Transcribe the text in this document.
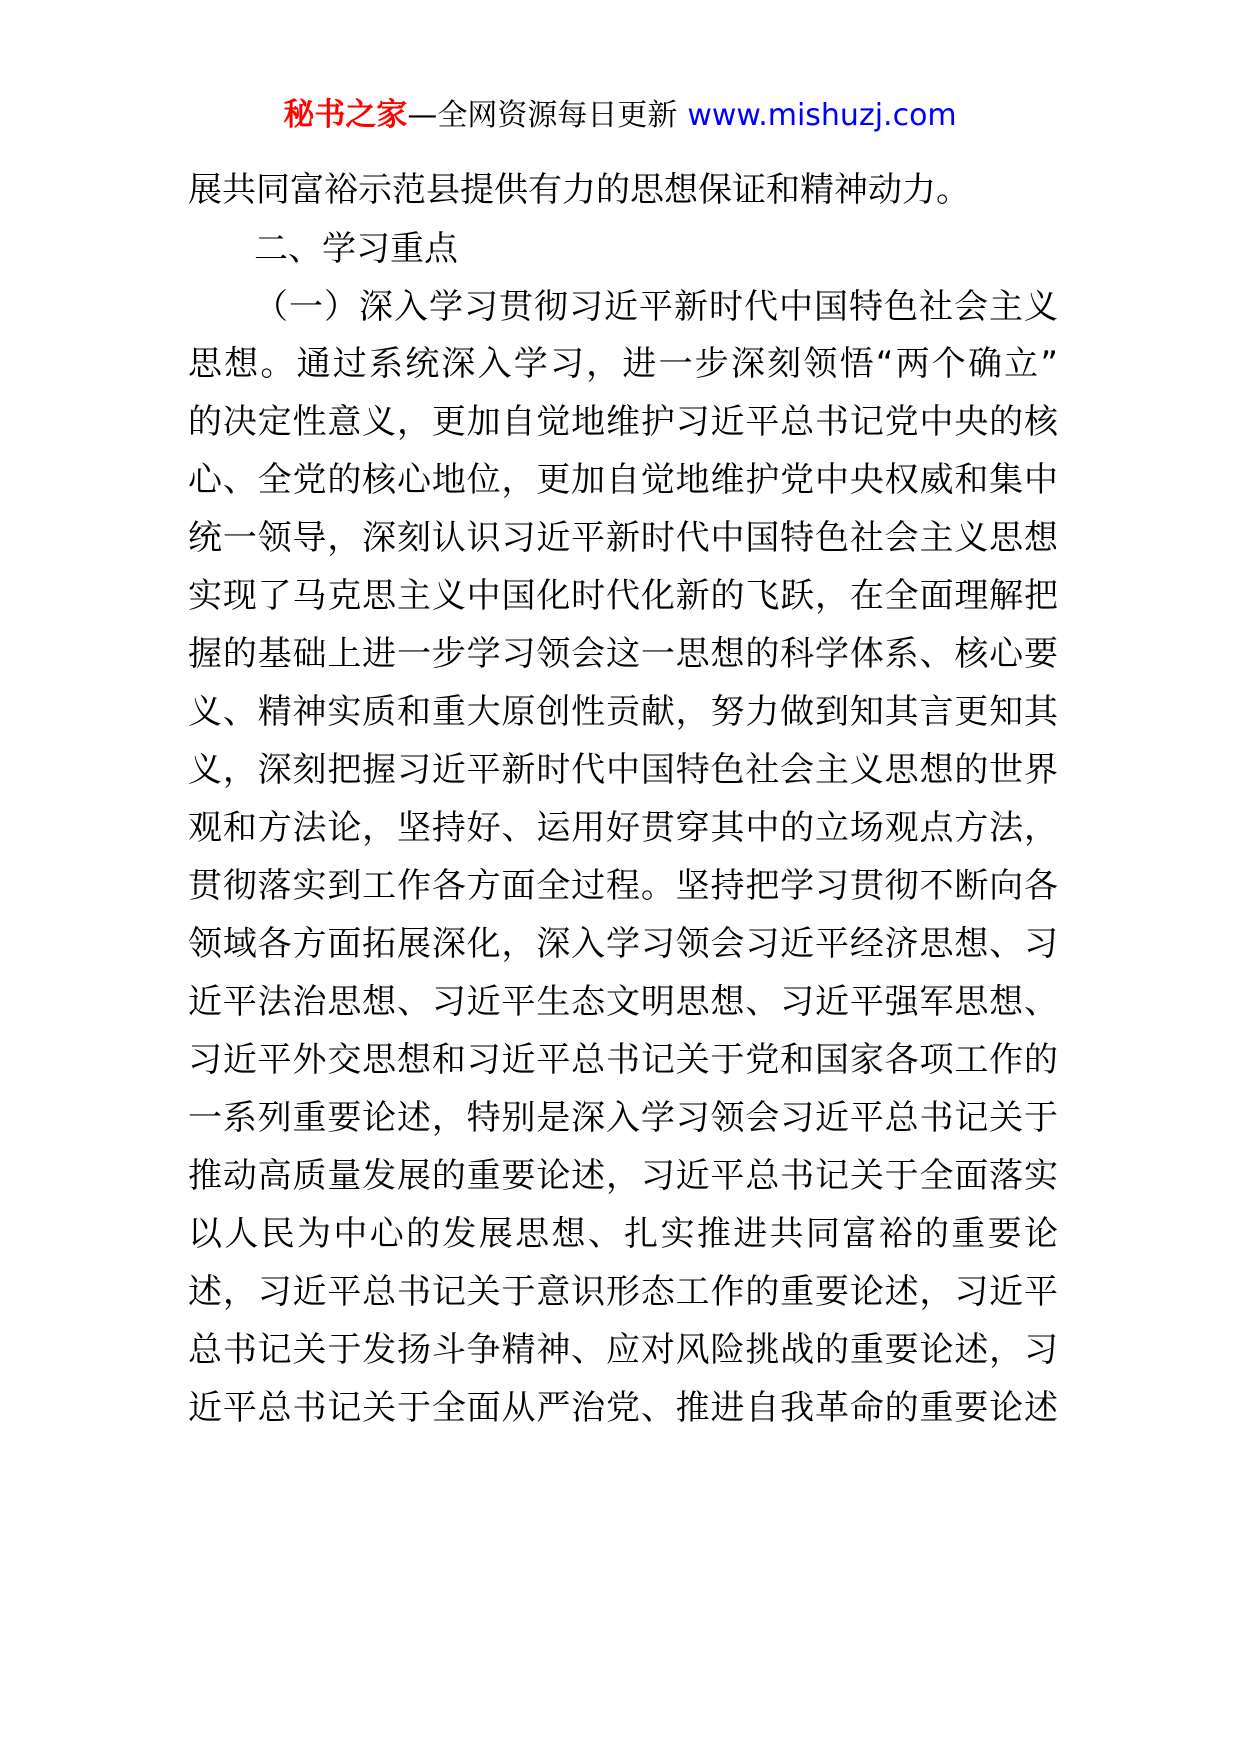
秘书之家—全网资源每日更新 www.mishuzj.com
展共同富裕示范县提供有力的思想保证和精神动力。
二、学习重点
（一）深入学习贯彻习近平新时代中国特色社会主义
思想。通过系统深入学习，进一步深刻领悟“两个确立”
的决定性意义，更加自觉地维护习近平总书记党中央的核
心、全党的核心地位，更加自觉地维护党中央权威和集中
统一领导，深刻认识习近平新时代中国特色社会主义思想
实现了马克思主义中国化时代化新的飞跃，在全面理解把
握的基础上进一步学习领会这一思想的科学体系、核心要
义、精神实质和重大原创性贡献，努力做到知其言更知其
义，深刻把握习近平新时代中国特色社会主义思想的世界
观和方法论，坚持好、运用好贯穿其中的立场观点方法，
贯彻落实到工作各方面全过程。坚持把学习贯彻不断向各
领域各方面拓展深化，深入学习领会习近平经济思想、习
近平法治思想、习近平生态文明思想、习近平强军思想、
习近平外交思想和习近平总书记关于党和国家各项工作的
一系列重要论述，特别是深入学习领会习近平总书记关于
推动高质量发展的重要论述，习近平总书记关于全面落实
以人民为中心的发展思想、扎实推进共同富裕的重要论
述，习近平总书记关于意识形态工作的重要论述，习近平
总书记关于发扬斗争精神、应对风险挑战的重要论述，习
近平总书记关于全面从严治党、推进自我革命的重要论述
